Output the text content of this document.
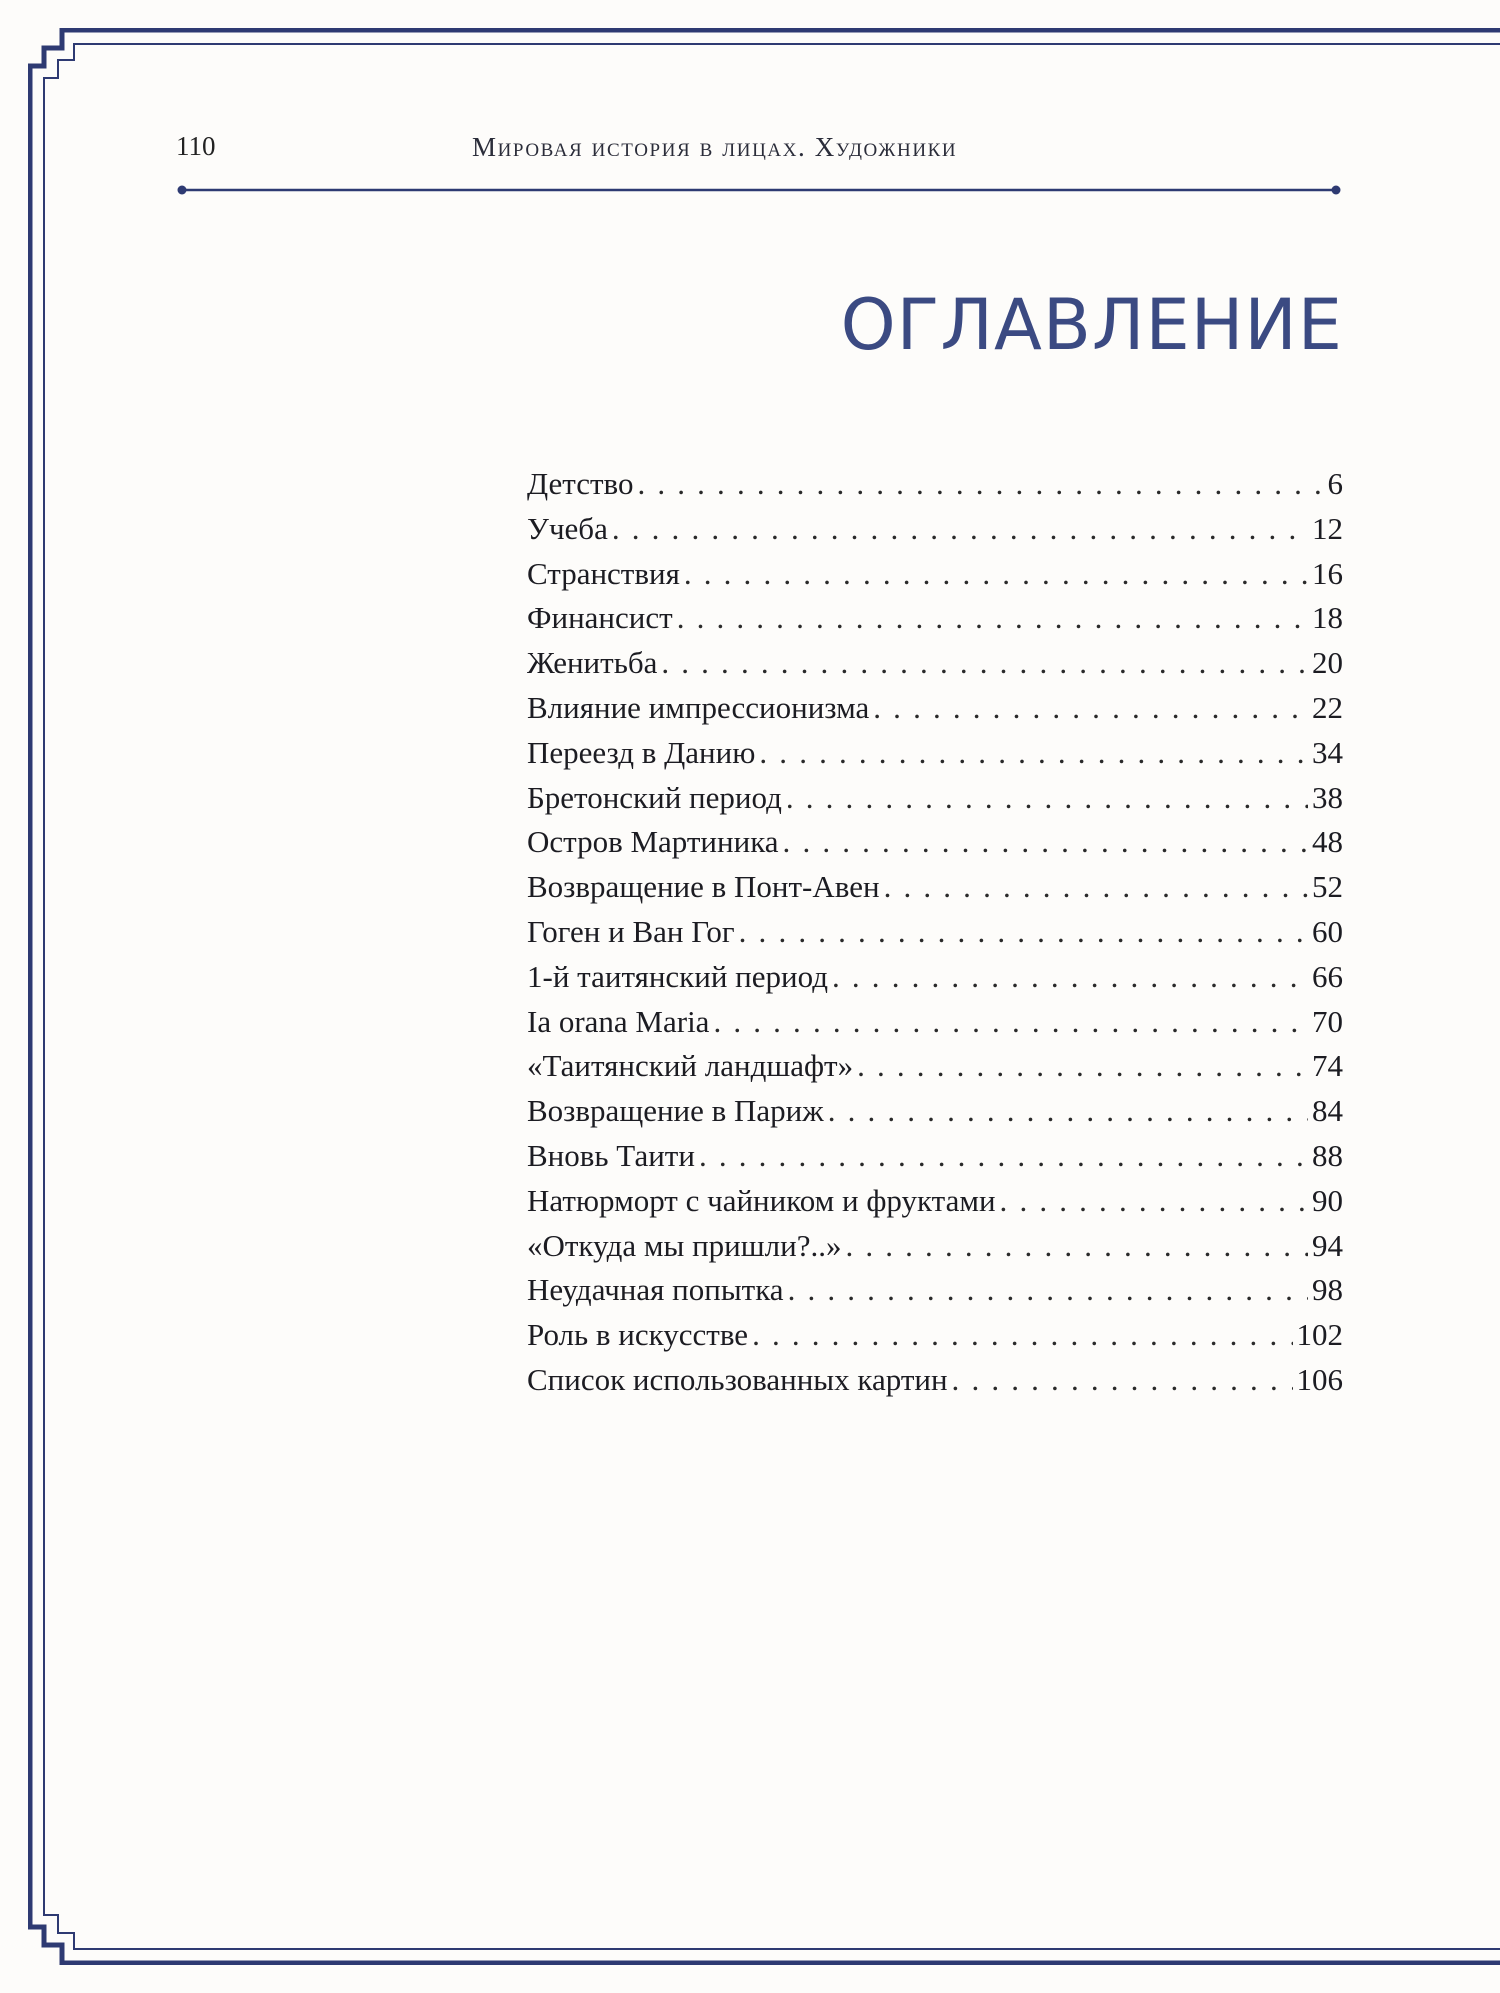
110	Мировая история в лицах. Художники
ОГЛАВЛЕНИЕ
Детство . . .	6
Учеба . . .	12
Странствия . . .	16
Финансист . . .	18
Женитьба . . .	20
Влияние импрессионизма . . .	22
Переезд в Данию . . .	34
Бретонский период . . .	38
Остров Мартиника . . .	48
Возвращение в Понт-Авен . . .	52
Гоген и Ван Гог . . .	60
1-й таитянский период . . .	66
Ia orana Maria . . .	70
«Таитянский ландшафт» . . .	74
Возвращение в Париж . . .	84
Вновь Таити . . .	88
Натюрморт с чайником и фруктами . . .	90
«Откуда мы пришли?..» . . .	94
Неудачная попытка . . .	98
Роль в искусстве . . .	102
Список использованных картин . . .	106
